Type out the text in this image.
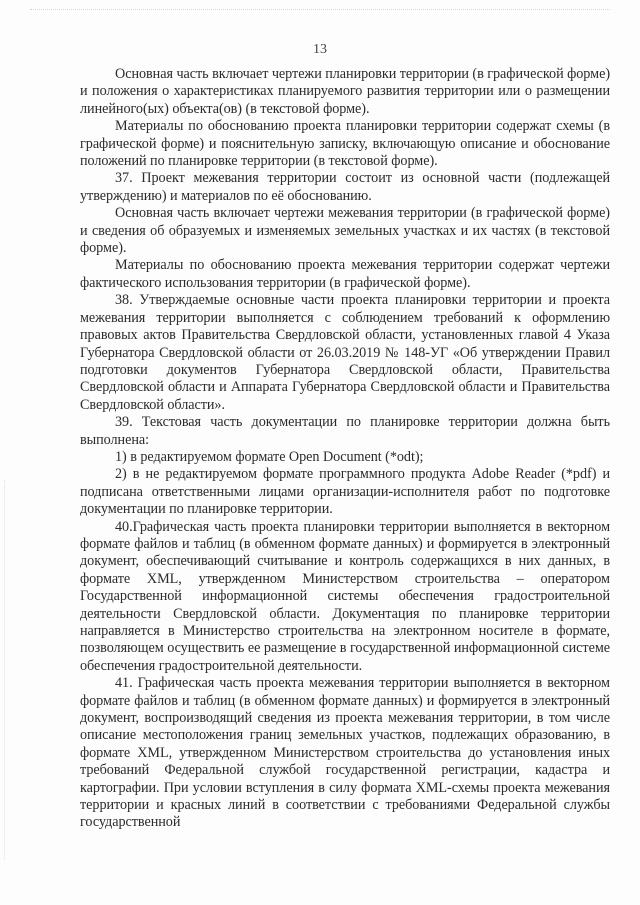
13

Основная часть включает чертежи планировки территории (в графической форме) и положения о характеристиках планируемого развития территории или о размещении линейного(ых) объекта(ов) (в текстовой форме).

Материалы по обоснованию проекта планировки территории содержат схемы (в графической форме) и пояснительную записку, включающую описание и обоснование положений по планировке территории (в текстовой форме).

37. Проект межевания территории состоит из основной части (подлежащей утверждению) и материалов по её обоснованию.

Основная часть включает чертежи межевания территории (в графической форме) и сведения об образуемых и изменяемых земельных участках и их частях (в текстовой форме).

Материалы по обоснованию проекта межевания территории содержат чертежи фактического использования территории (в графической форме).

38. Утверждаемые основные части проекта планировки территории и проекта межевания территории выполняется с соблюдением требований к оформлению правовых актов Правительства Свердловской области, установленных главой 4 Указа Губернатора Свердловской области от 26.03.2019 № 148-УГ «Об утверждении Правил подготовки документов Губернатора Свердловской области, Правительства Свердловской области и Аппарата Губернатора Свердловской области и Правительства Свердловской области».

39. Текстовая часть документации по планировке территории должна быть выполнена:

1) в редактируемом формате Open Document (*odt);

2) в не редактируемом формате программного продукта Adobe Reader (*pdf) и подписана ответственными лицами организации-исполнителя работ по подготовке документации по планировке территории.

40.Графическая часть проекта планировки территории выполняется в векторном формате файлов и таблиц (в обменном формате данных) и формируется в электронный документ, обеспечивающий считывание и контроль содержащихся в них данных, в формате XML, утвержденном Министерством строительства – оператором Государственной информационной системы обеспечения градостроительной деятельности Свердловской области. Документация по планировке территории направляется в Министерство строительства на электронном носителе в формате, позволяющем осуществить ее размещение в государственной информационной системе обеспечения градостроительной деятельности.

41. Графическая часть проекта межевания территории выполняется в векторном формате файлов и таблиц (в обменном формате данных) и формируется в электронный документ, воспроизводящий сведения из проекта межевания территории, в том числе описание местоположения границ земельных участков, подлежащих образованию, в формате XML, утвержденном Министерством строительства до установления иных требований Федеральной службой государственной регистрации, кадастра и картографии. При условии вступления в силу формата XML-схемы проекта межевания территории и красных линий в соответствии с требованиями Федеральной службы государственной
